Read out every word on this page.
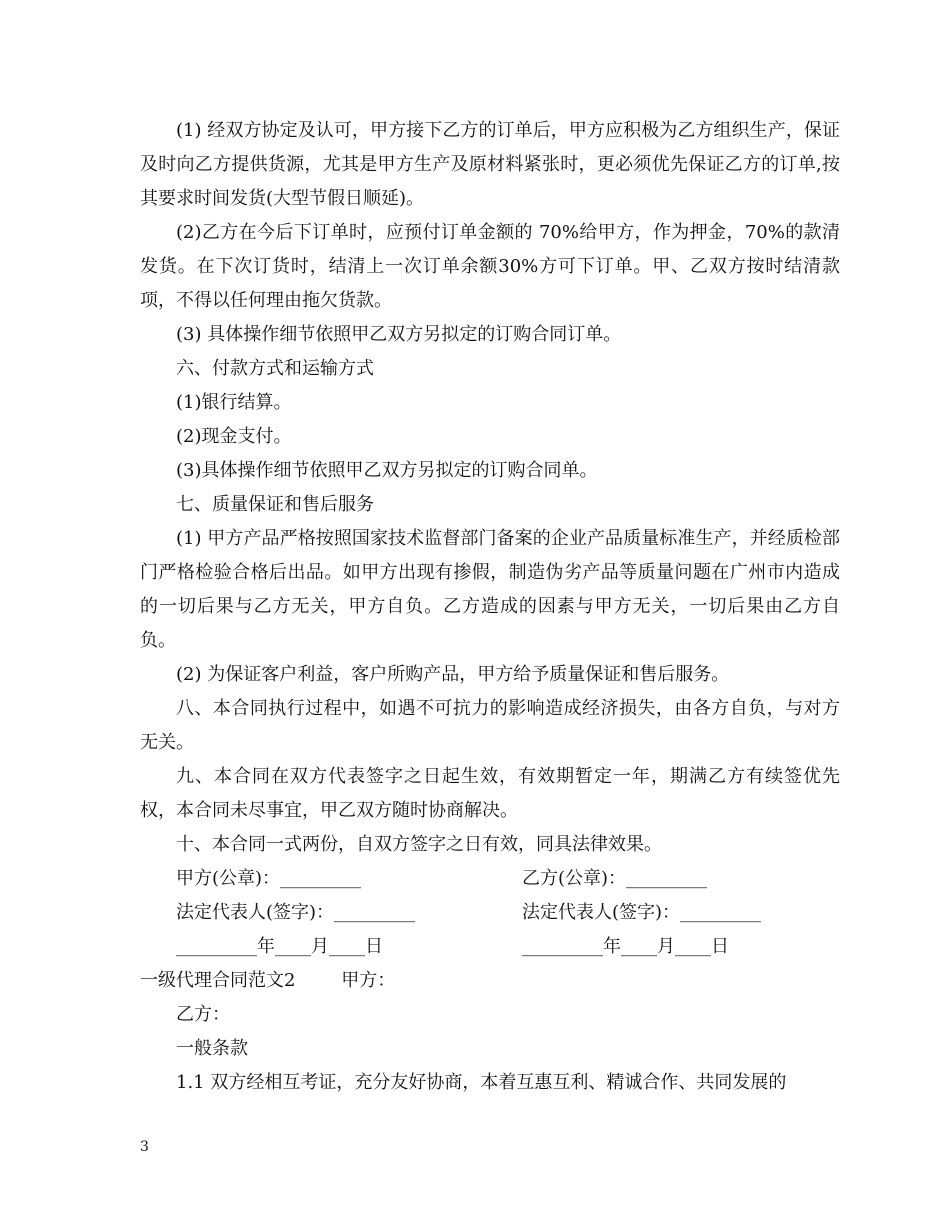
(1) 经双方协定及认可，甲方接下乙方的订单后，甲方应积极为乙方组织生产，保证及时向乙方提供货源，尤其是甲方生产及原材料紧张时，更必须优先保证乙方的订单,按其要求时间发货(大型节假日顺延)。

(2)乙方在今后下订单时，应预付订单金额的 70%给甲方，作为押金，70%的款清发货。在下次订货时，结清上一次订单余额30%方可下订单。甲、乙双方按时结清款项，不得以任何理由拖欠货款。

(3) 具体操作细节依照甲乙双方另拟定的订购合同订单。

六、付款方式和运输方式

(1)银行结算。

(2)现金支付。

(3)具体操作细节依照甲乙双方另拟定的订购合同单。

七、质量保证和售后服务

(1) 甲方产品严格按照国家技术监督部门备案的企业产品质量标准生产，并经质检部门严格检验合格后出品。如甲方出现有掺假，制造伪劣产品等质量问题在广州市内造成的一切后果与乙方无关，甲方自负。乙方造成的因素与甲方无关，一切后果由乙方自负。

(2) 为保证客户利益，客户所购产品，甲方给予质量保证和售后服务。

八、本合同执行过程中，如遇不可抗力的影响造成经济损失，由各方自负，与对方无关。

九、本合同在双方代表签字之日起生效，有效期暂定一年，期满乙方有续签优先权，本合同未尽事宜，甲乙双方随时协商解决。

十、本合同一式两份，自双方签字之日有效，同具法律效果。

甲方(公章)：_________	乙方(公章)：_________
法定代表人(签字)：_________	法定代表人(签字)：_________
_________年____月____日	_________年____月____日

一级代理合同范文2        甲方：

乙方：

一般条款

1.1 双方经相互考证，充分友好协商，本着互惠互利、精诚合作、共同发展的

3
